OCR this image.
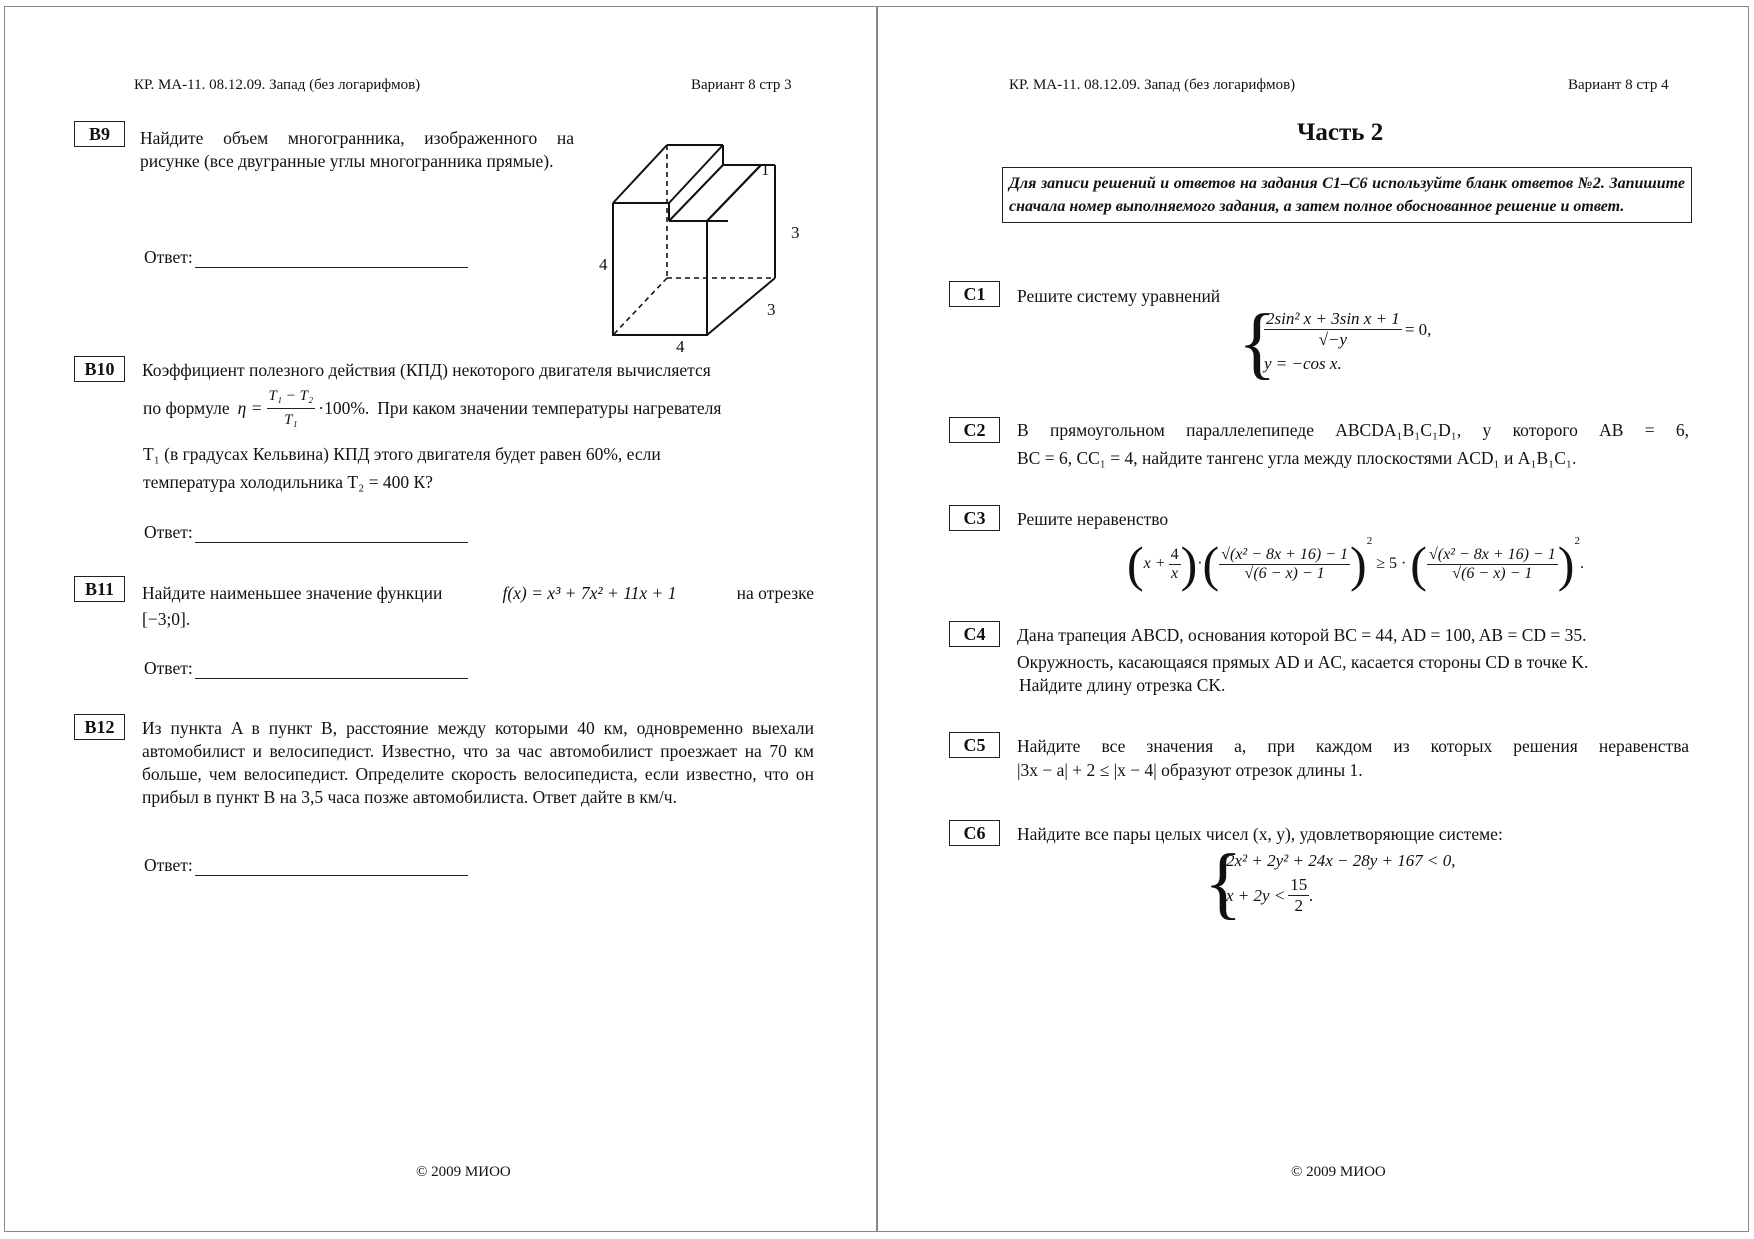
КР. МА-11. 08.12.09. Запад (без логарифмов)	Вариант 8 стр 3
B9	Найдите объем многогранника, изображенного на рисунке (все двугранные углы многогранника прямые).
Ответ:
1
3
4
3
4
B10	Коэффициент полезного действия (КПД) некоторого двигателя вычисляется
по формуле $\eta = \frac{\text{T₁ − T₂}}{\text{T₁}} \cdot 100\%$. При каком значении температуры нагревателя
T₁ (в градусах Кельвина) КПД этого двигателя будет равен 60%, если
температура холодильника T₂ = 400 К?
Ответ:
B11	Найдите наименьшее значение функции	f(x) = x³ + 7x² + 11x + 1	на отрезке
[−3;0].
Ответ:
B12	Из пункта A в пункт B, расстояние между которыми 40 км, одновременно выехали автомобилист и велосипедист. Известно, что за час автомобилист проезжает на 70 км больше, чем велосипедист. Определите скорость велосипедиста, если известно, что он прибыл в пункт B на 3,5 часа позже автомобилиста. Ответ дайте в км/ч.
Ответ:
© 2009 МИОО
КР. МА-11. 08.12.09. Запад (без логарифмов)	Вариант 8 стр 4
Часть 2
Для записи решений и ответов на задания С1–С6 используйте бланк ответов №2. Запишите сначала номер выполняемого задания, а затем полное обоснованное решение и ответ.
C1	Решите систему уравнений
{
$\frac{\text{2sin² x + 3sin x + 1}}{√-y} = 0$,
y = −cos x.
C2	В прямоугольном параллелепипеде ABCDA₁B₁C₁D₁, у которого AB = 6,
BC = 6, CC₁ = 4, найдите тангенс угла между плоскостями ACD₁ и A₁B₁C₁.
C3	Решите неравенство
( $x + \frac{4}{x}$ ) · ( $\frac{\text{√(x² − 8x + 16) − 1}}{√(6 - x) - 1} )^2$
≥ 5 · ( $\frac{\text{√(x² − 8x + 16) − 1}}{√(6 - x) - 1} )^2$
.
C4	Дана трапеция ABCD, основания которой BC = 44, AD = 100, AB = CD = 35.
Окружность, касающаяся прямых AD и AC, касается стороны CD в точке K.
Найдите длину отрезка CK.
C5	Найдите все значения a, при каждом из которых решения неравенства
|3x − a| + 2 ≤ |x − 4| образуют отрезок длины 1.
C6	Найдите все пары целых чисел (x, y), удовлетворяющие системе:
{
2x² + 2y² + 24x − 28y + 167 < 0,
$x + 2y < \frac{15}{2}$ .
© 2009 МИОО
